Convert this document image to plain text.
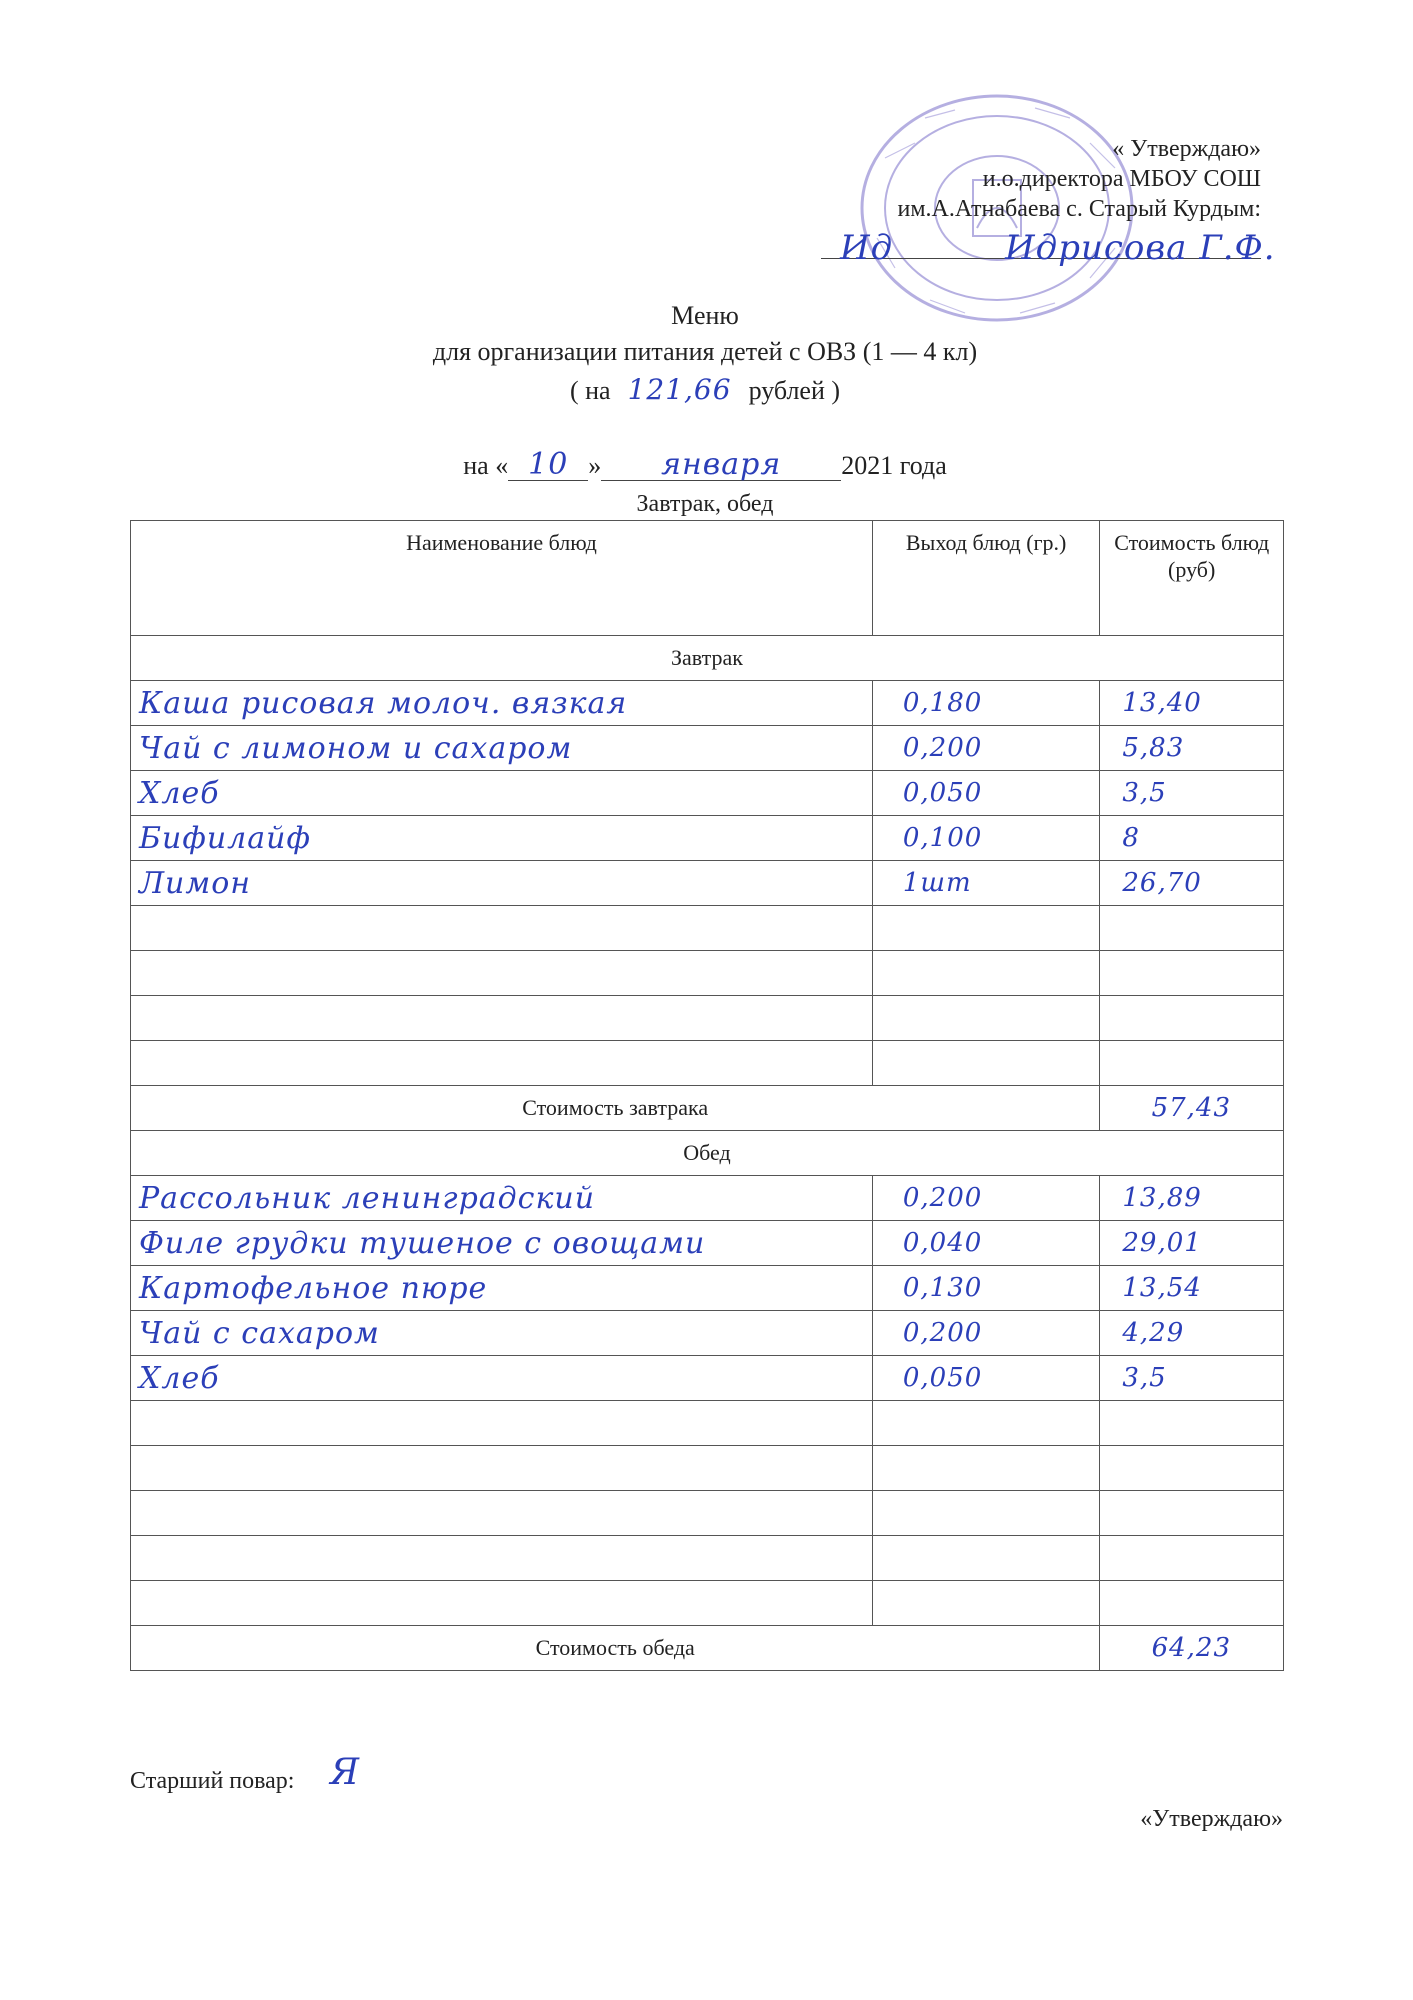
« Утверждаю»
и.о.директора МБОУ СОШ
им.А.Атнабаева с. Старый Курдым:
Ид	Идрисова Г.Ф.
Меню
для организации питания детей с ОВЗ (1 — 4 кл)
( на 121,66 рублей )
на « 10 » января 2021 года
Завтрак, обед
Наименование блюд	Выход блюд (гр.)	Стоимость блюд (руб)
Завтрак		
Каша рисовая молоч. вязкая	0,180	13,40
Чай с лимоном и сахаром	0,200	5,83
Хлеб	0,050	3,5
Бифилайф	0,100	8
Лимон	1шт	26,70

Стоимость завтрака		57,43
Обед		
Рассольник ленинградский	0,200	13,89
Филе грудки тушеное с овощами	0,040	29,01
Картофельное пюре	0,130	13,54
Чай с сахаром	0,200	4,29
Хлеб	0,050	3,5

Стоимость обеда		64,23
Старший повар: Я
«Утверждаю»
